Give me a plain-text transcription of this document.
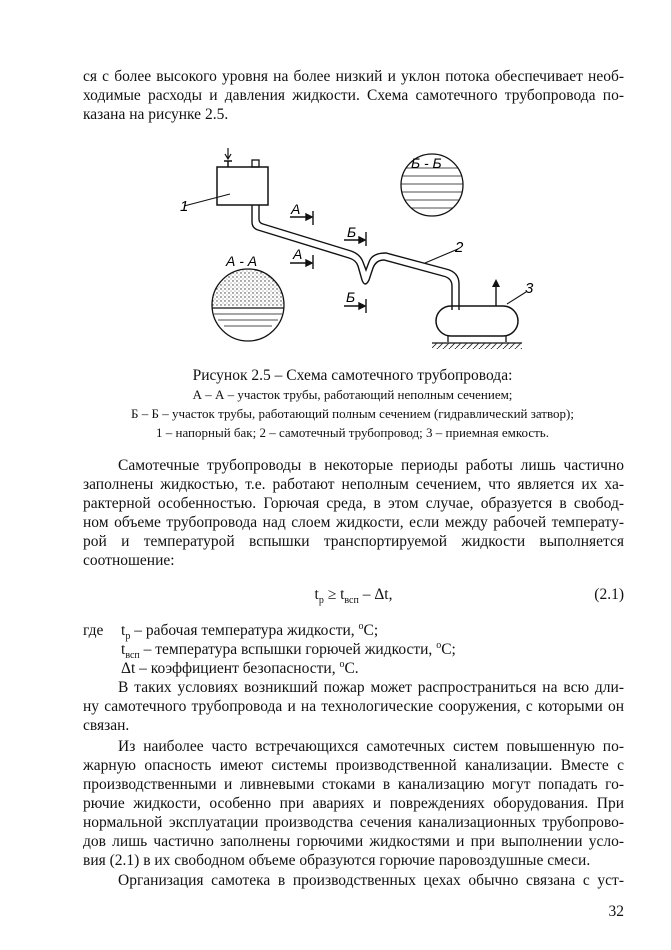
ся с более высокого уровня на более низкий и уклон потока обеспечивает необ-
ходимые расходы и давления жидкости. Схема самотечного трубопровода по-
казана на рисунке 2.5.
1
2
3
А - А
Б - Б
А
А
Б
Б
Рисунок 2.5 – Схема самотечного трубопровода:
А – А – участок трубы, работающий неполным сечением;
Б – Б – участок трубы, работающий полным сечением (гидравлический затвор);
1 – напорный бак; 2 – самотечный трубопровод; 3 – приемная емкость.
Самотечные трубопроводы в некоторые периоды работы лишь частично
заполнены жидкостью, т.е. работают неполным сечением, что является их ха-
рактерной особенностью. Горючая среда, в этом случае, образуется в свобод-
ном объеме трубопровода над слоем жидкости, если между рабочей температу-
рой и температурой вспышки транспортируемой жидкости выполняется
соотношение:
$t_р \ge t_{всп} - \Delta t$,	(2.1)
где	$t_р$ – рабочая температура жидкости, $^о$С;
$t_{всп}$ – температура вспышки горючей жидкости, $^о$С;
Δt – коэффициент безопасности, $^о$С.
В таких условиях возникший пожар может распространиться на всю дли-
ну самотечного трубопровода и на технологические сооружения, с которыми он
связан.
Из наиболее часто встречающихся самотечных систем повышенную по-
жарную опасность имеют системы производственной канализации. Вместе с
производственными и ливневыми стоками в канализацию могут попадать го-
рючие жидкости, особенно при авариях и повреждениях оборудования. При
нормальной эксплуатации производства сечения канализационных трубопрово-
дов лишь частично заполнены горючими жидкостями и при выполнении усло-
вия (2.1) в их свободном объеме образуются горючие паровоздушные смеси.
Организация самотека в производственных цехах обычно связана с уст-
32
